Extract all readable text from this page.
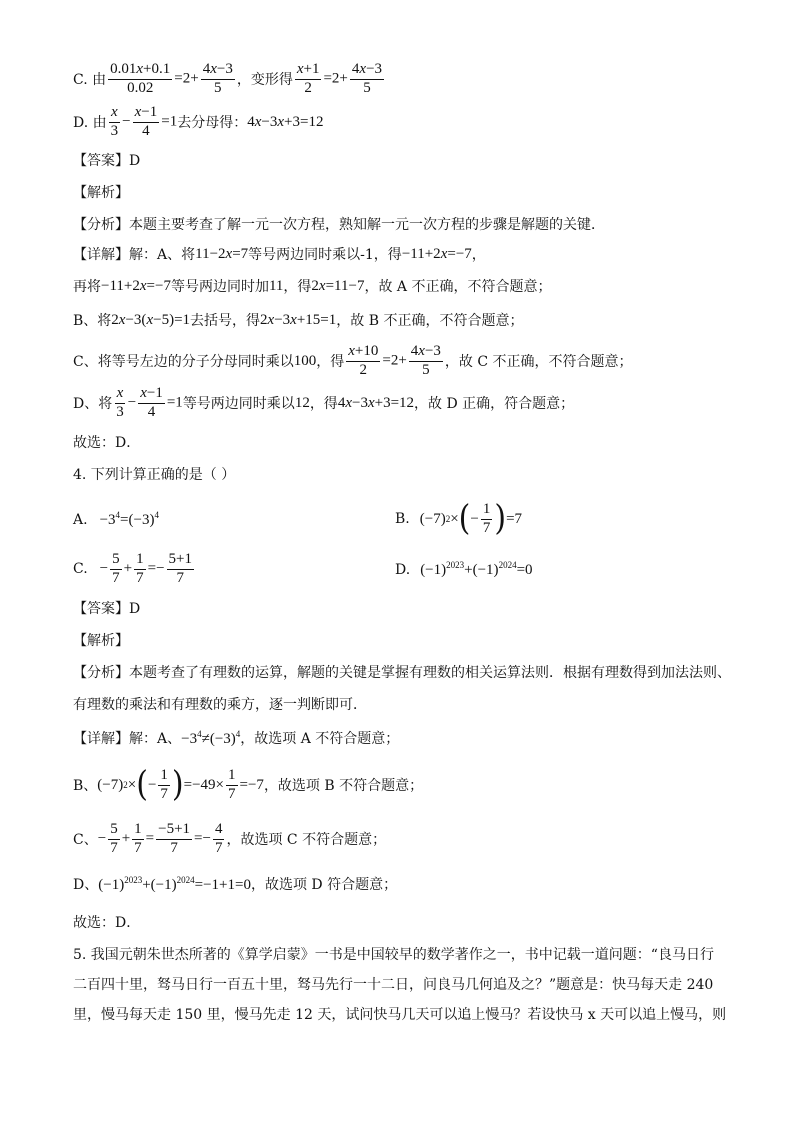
C. 由 $\frac{0.01x+0.1}{0.02} =2+ \frac{4x-3}{5}$ ，变形得 $\frac{x+1}{2} =2+ \frac{4x-3}{5}$
D. 由 $\frac{x}{3} - \frac{x-1}{4} =1$ 去分母得： 4x−3x+3=12
【答案】D
【解析】
【分析】本题主要考查了解一元一次方程，熟知解一元一次方程的步骤是解题的关键．
【详解】解：A、将 11−2x=7 等号两边同时乘以-1，得 −11+2x=−7 ，
再将 −11+2x=−7 等号两边同时加 11 ，得 2x=11−7 ，故 A 不正确，不符合题意；
B、将 2x−3(x−5)=1 去括号，得 2x−3x+15=1 ，故 B 不正确，不符合题意；
C、将等号左边的分子分母同时乘以 100 ，得 $\frac{x+10}{2} =2+ \frac{4x-3}{5}$ ，故 C 不正确，不符合题意；
D、将 $\frac{x}{3} - \frac{x-1}{4} =1$ 等号两边同时乘以 12 ，得 4x−3x+3=12 ，故 D 正确，符合题意；
故选：D．
4. 下列计算正确的是（ ）
A. $-3^4=(-3)^4$	B. (−7) 2 × ( − $\frac{1}{7}$ ) =7
C. − $\frac{5}{7} + \frac{1}{7} =- \frac{5+1}{7}$	D. $(-1)^{2023}+(-1)^{2024}=0$
【答案】D
【解析】
【分析】本题考查了有理数的运算，解题的关键是掌握有理数的相关运算法则．根据有理数得到加法法则、
有理数的乘法和有理数的乘方，逐一判断即可．
【详解】解：A、 $-3^4\ne(-3)^4$ ，故选项 A 不符合题意；
B、 (−7) 2 × ( − $\frac{1}{7}$ ) $=-49\times \frac{1}{7} =-7$ ，故选项 B 不符合题意；
C、 − $\frac{5}{7} + \frac{1}{7} = \frac{-5+1}{7} =- \frac{4}{7}$ ，故选项 C 不符合题意；
D、 $(-1)^{2023}+(-1)^{2024}=-1+1=0$ ，故选项 D 符合题意；
故选：D．
5. 我国元朝朱世杰所著的《算学启蒙》一书是中国较早的数学著作之一，书中记载一道问题：“良马日行
二百四十里，驽马日行一百五十里，驽马先行一十二日，问良马几何追及之？”题意是：快马每天走 240
里，慢马每天走 150 里，慢马先走 12 天，试问快马几天可以追上慢马？若设快马 x 天可以追上慢马，则
